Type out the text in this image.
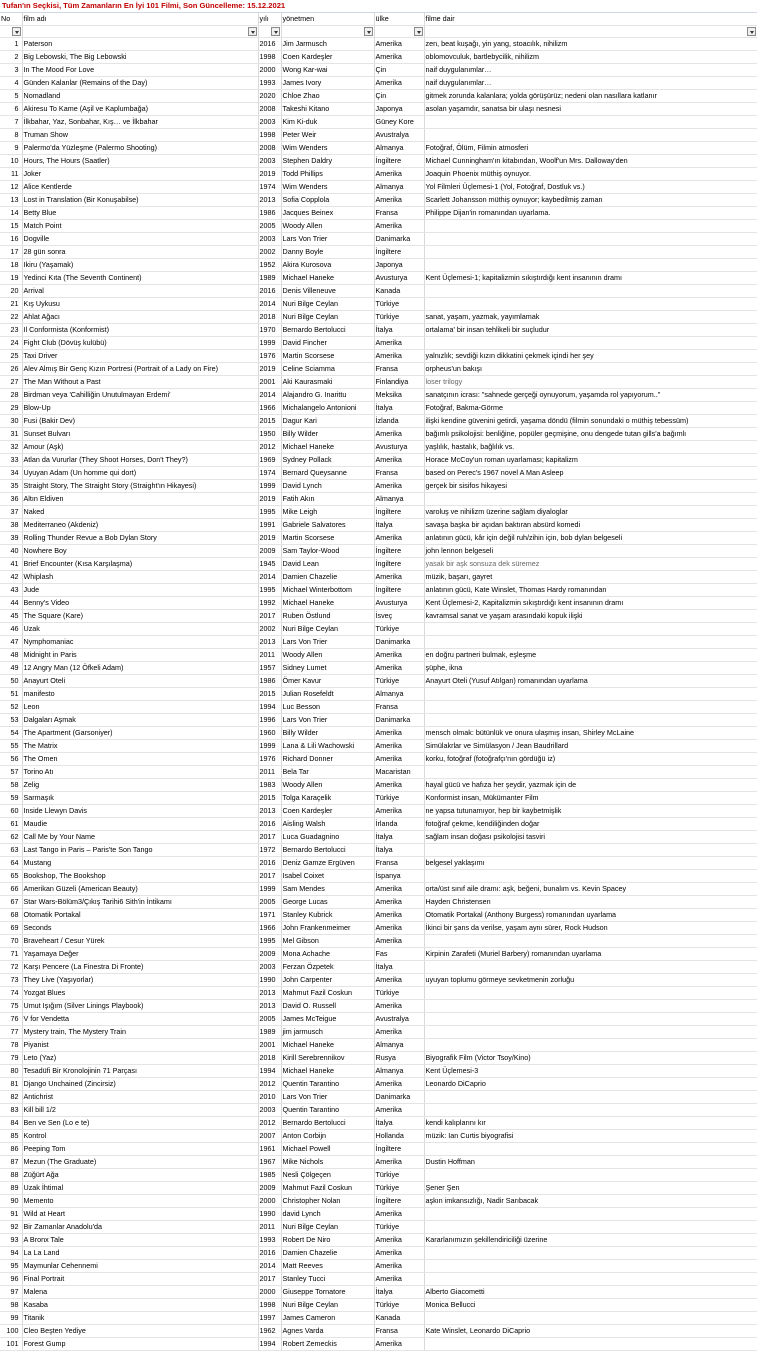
Tufan'ın Seçkisi, Tüm Zamanların En İyi 101 Filmi, Son Güncelleme: 15.12.2021
No	film adı	yılı	yönetmen	ülke	filme dair

1	Paterson	2016	Jim Jarmusch	Amerika	zen, beat kuşağı, yin yang, stoacılık, nihilizm
2	Big Lebowski, The Big Lebowski	1998	Coen Kardeşler	Amerika	oblomovculuk, bartlebycilik, nihilizm
3	In The Mood For Love	2000	Wong Kar-wai	Çin	naif duygulanımlar…
4	Günden Kalanlar (Remains of the Day)	1993	James Ivory	Amerika	naif duygulanımlar…
5	Nomadland	2020	Chloe Zhao	Çin	gitmek zorunda kalanlara; yolda görüşürüz; nedeni olan nasıllara katlanır
6	Akiresu To Kame (Aşil ve Kaplumbağa)	2008	Takeshi Kitano	Japonya	asolan yaşamdır, sanatsa bir ulaşı nesnesi
7	İlkbahar, Yaz, Sonbahar, Kış… ve İlkbahar	2003	Kim Ki-duk	Güney Kore	
8	Truman Show	1998	Peter Weir	Avustralya	
9	Palermo'da Yüzleşme (Palermo Shooting)	2008	Wim Wenders	Almanya	Fotoğraf, Ölüm, Filmin atmosferi
10	Hours, The Hours (Saatler)	2003	Stephen Daldry	İngiltere	Michael Cunningham'ın kitabından, Woolf'un Mrs. Dalloway'den
11	Joker	2019	Todd Phillips	Amerika	Joaquin Phoenix müthiş oynuyor.
12	Alice Kentlerde	1974	Wim Wenders	Almanya	Yol Filmleri Üçlemesi-1 (Yol, Fotoğraf, Dostluk vs.)
13	Lost in Translation (Bir Konuşabilse)	2013	Sofia Copplola	Amerika	Scarlett Johansson müthiş oynuyor; kaybedilmiş zaman
14	Betty Blue	1986	Jacques Beinex	Fransa	Philippe Dijan'in romanından uyarlama.
15	Match Point	2005	Woody Allen	Amerika	
16	Dogville	2003	Lars Von Trier	Danimarka	
17	28 gün sonra	2002	Danny Boyle	İngiltere	
18	Ikiru (Yaşamak)	1952	Akira Kurosova	Japonya	
19	Yedinci Kıta (The Seventh Continent)	1989	Michael Haneke	Avusturya	Kent Üçlemesi-1; kapitalizmin sıkıştırdığı kent insanının dramı
20	Arrival	2016	Denis Villeneuve	Kanada	
21	Kış Uykusu	2014	Nuri Bilge Ceylan	Türkiye	
22	Ahlat Ağacı	2018	Nuri Bilge Ceylan	Türkiye	sanat, yaşam, yazmak, yayımlamak
23	Il Conformista (Konformist)	1970	Bernardo Bertolucci	İtalya	ortalama' bir insan tehlikeli bir suçludur
24	Fight Club (Dövüş kulübü)	1999	David Fincher	Amerika	
25	Taxi Driver	1976	Martin Scorsese	Amerika	yalnızlık; sevdiği kızın dikkatini çekmek içindi her şey
26	Alev Almış Bir Genç Kızın Portresi (Portrait of a Lady on Fire)	2019	Celine Sciamma	Fransa	orpheus'un bakışı
27	The Man Without a Past	2001	Aki Kaurasmaki	Finlandiya	loser trilogy
28	Birdman veya 'Cahilliğin Unutulmayan Erdemi'	2014	Alajandro G. Inarittu	Meksika	sanatçının icrası: "sahnede gerçeği oynuyorum, yaşamda rol yapıyorum.."
29	Blow-Up	1966	Michalangelo Antonioni	İtalya	Fotoğraf, Bakma-Görme
30	Fusi (Bakir Dev)	2015	Dagur Kari	İzlanda	ilişki kendine güvenini getirdi, yaşama döndü (filmin sonundaki o müthiş tebessüm)
31	Sunset Bulvarı	1950	Billy Wilder	Amerika	bağımlı psikolojisi: benliğine, popüler geçmişine, onu dengede tutan gills'a bağımlı
32	Amour (Aşk)	2012	Michael Haneke	Avusturya	yaşlılık, hastalık, bağlılık vs.
33	Atlan da Vururlar (They Shoot Horses, Don't They?)	1969	Sydney Pollack	Amerika	Horace McCoy'un roman uyarlaması; kapitalizm
34	Uyuyan Adam (Un homme qui dort)	1974	Bernard Queysanne	Fransa	based on Perec's 1967 novel A Man Asleep
35	Straight Story, The Straight Story (Straight'ın Hikayesi)	1999	David Lynch	Amerika	gerçek bir sisifos hikayesi
36	Altın Eldiven	2019	Fatih Akın	Almanya	
37	Naked	1995	Mike Leigh	İngiltere	varoluş ve nihilizm üzerine sağlam diyaloglar
38	Mediterraneo (Akdeniz)	1991	Gabriele Salvatores	İtalya	savaşa başka bir açıdan baktıran absürd komedi
39	Rolling Thunder Revue a Bob Dylan Story	2019	Martin Scorsese	Amerika	anlatının gücü, kâr için değil ruh/zihin için, bob dylan belgeseli
40	Nowhere Boy	2009	Sam Taylor-Wood	İngiltere	john lennon belgeseli
41	Brief Encounter (Kısa Karşılaşma)	1945	David Lean	İngiltere	yasak bir aşk sonsuza dek süremez
42	Whiplash	2014	Damien Chazelie	Amerika	müzik, başarı, gayret
43	Jude	1995	Michael Winterbottom	İngiltere	anlatının gücü, Kate Winslet, Thomas Hardy romanından
44	Benny's Video	1992	Michael Haneke	Avusturya	Kent Üçlemesi-2, Kapitalizmin sıkıştırdığı kent insanının dramı
45	The Square (Kare)	2017	Ruben Östlund	İsveç	kavramsal sanat ve yaşam arasındaki kopuk ilişki
46	Uzak	2002	Nuri Bilge Ceylan	Türkiye	
47	Nymphomaniac	2013	Lars Von Trier	Danimarka	
48	Midnight in Paris	2011	Woody Allen	Amerika	en doğru partneri bulmak, eşleşme
49	12 Angry Man (12 Öfkeli Adam)	1957	Sidney Lumet	Amerika	şüphe, ikna
50	Anayurt Oteli	1986	Ömer Kavur	Türkiye	Anayurt Oteli (Yusuf Atılgan) romanından uyarlama
51	manifesto	2015	Julian Rosefeldt	Almanya	
52	Leon	1994	Luc Besson	Fransa	
53	Dalgaları Aşmak	1996	Lars Von Trier	Danimarka	
54	The Apartment (Garsoniyer)	1960	Billy Wilder	Amerika	mensch olmak: bütünlük ve onura ulaşmış insan, Shirley McLaine
55	The Matrix	1999	Lana & Lili Wachowski	Amerika	Simülakrlar ve Simülasyon / Jean Baudrillard
56	The Omen	1976	Richard Donner	Amerika	korku, fotoğraf (fotoğrafçı'nın gördüğü iz)
57	Torino Atı	2011	Bela Tar	Macaristan	
58	Zelig	1983	Woody Allen	Amerika	hayal gücü ve hafıza her şeydir, yazmak için de
59	Sarmaşık	2015	Tolga Karaçelik	Türkiye	Konformist insan, Mükümanter Film
60	Inside Llewyn Davis	2013	Coen Kardeşler	Amerika	ne yapsa tutunamıyor, hep bir kaybetmişlik
61	Maudie	2016	Aisling Walsh	İrlanda	fotoğraf çekme, kendiliğinden doğar
62	Call Me by Your Name	2017	Luca Guadagnino	İtalya	sağlam insan doğası psikolojisi tasviri
63	Last Tango in Paris – Paris'te Son Tango	1972	Bernardo Bertolucci	İtalya	
64	Mustang	2016	Deniz Gamze Ergüven	Fransa	belgesel yaklaşımı
65	Bookshop, The Bookshop	2017	Isabel Coixet	İspanya	
66	Amerikan Güzeli (American Beauty)	1999	Sam Mendes	Amerika	orta/üst sınıf aile dramı: aşk, beğeni, bunalım vs. Kevin Spacey
67	Star Wars-Bölüm3/Çıkış Tarihi6 Sith'in İntikamı	2005	George Lucas	Amerika	Hayden Christensen
68	Otomatik Portakal	1971	Stanley Kubrick	Amerika	Otomatik Portakal (Anthony Burgess) romanından uyarlama
69	Seconds	1966	John Frankenmeimer	Amerika	İkinci bir şans da verilse, yaşam aynı sürer, Rock Hudson
70	Braveheart / Cesur Yürek	1995	Mel Gibson	Amerika	
71	Yaşamaya Değer	2009	Mona Achache	Fas	Kirpinin Zarafeti (Muriel Barbery) romanından uyarlama
72	Karşı Pencere (La Finestra Di Fronte)	2003	Ferzan Özpetek	İtalya	
73	They Live (Yaşıyorlar)	1990	John Carpenter	Amerika	uyuyan toplumu görmeye sevketmenin zorluğu
74	Yozgat Blues	2013	Mahmut Fazil Coskun	Türkiye	
75	Umut Işığım (Silver Linings Playbook)	2013	David O. Russell	Amerika	
76	V for Vendetta	2005	James McTeigue	Avustralya	
77	Mystery train, The Mystery Train	1989	jim jarmusch	Amerika	
78	Piyanist	2001	Michael Haneke	Almanya	
79	Leto (Yaz)	2018	Kirill Serebrennikov	Rusya	Biyografik Film (Victor Tsoy/Kino)
80	Tesadüfi Bir Kronolojinin 71 Parçası	1994	Michael Haneke	Almanya	Kent Üçlemesi-3
81	Django Unchained (Zincirsiz)	2012	Quentin Tarantino	Amerika	Leonardo DiCaprio
82	Antichrist	2010	Lars Von Trier	Danimarka	
83	Kill bill 1/2	2003	Quentin Tarantino	Amerika	
84	Ben ve Sen (Lo e te)	2012	Bernardo Bertolucci	İtalya	kendi kalıplarını kır
85	Kontrol	2007	Anton Corbijn	Hollanda	müzik: Ian Curtis biyografisi
86	Peeping Tom	1961	Michael Powell	İngiltere	
87	Mezun (The Graduate)	1967	Mike Nichols	Amerika	Dustin Hoffman
88	Züğürt Ağa	1985	Nesli Çölgeçen	Türkiye	
89	Uzak İhtimal	2009	Mahmut Fazil Coskun	Türkiye	Şener Şen
90	Memento	2000	Christopher Nolan	İngiltere	aşkın imkansızlığı, Nadir Sarıbacak
91	Wild at Heart	1990	david Lynch	Amerika	
92	Bir Zamanlar Anadolu'da	2011	Nuri Bilge Ceylan	Türkiye	
93	A Bronx Tale	1993	Robert De Niro	Amerika	Kararlanımızın şekillendiriciliği üzerine
94	La La Land	2016	Damien Chazelie	Amerika	
95	Maymunlar Cehennemi	2014	Matt Reeves	Amerika	
96	Final Portrait	2017	Stanley Tucci	Amerika	
97	Malena	2000	Giuseppe Tornatore	İtalya	Alberto Giacometti
98	Kasaba	1998	Nuri Bilge Ceylan	Türkiye	Monica Bellucci
99	Titanik	1997	James Cameron	Kanada	
100	Cleo Beşten Yediye	1962	Agnes Varda	Fransa	Kate Winslet, Leonardo DiCaprio
101	Forest Gump	1994	Robert Zemeckis	Amerika	
